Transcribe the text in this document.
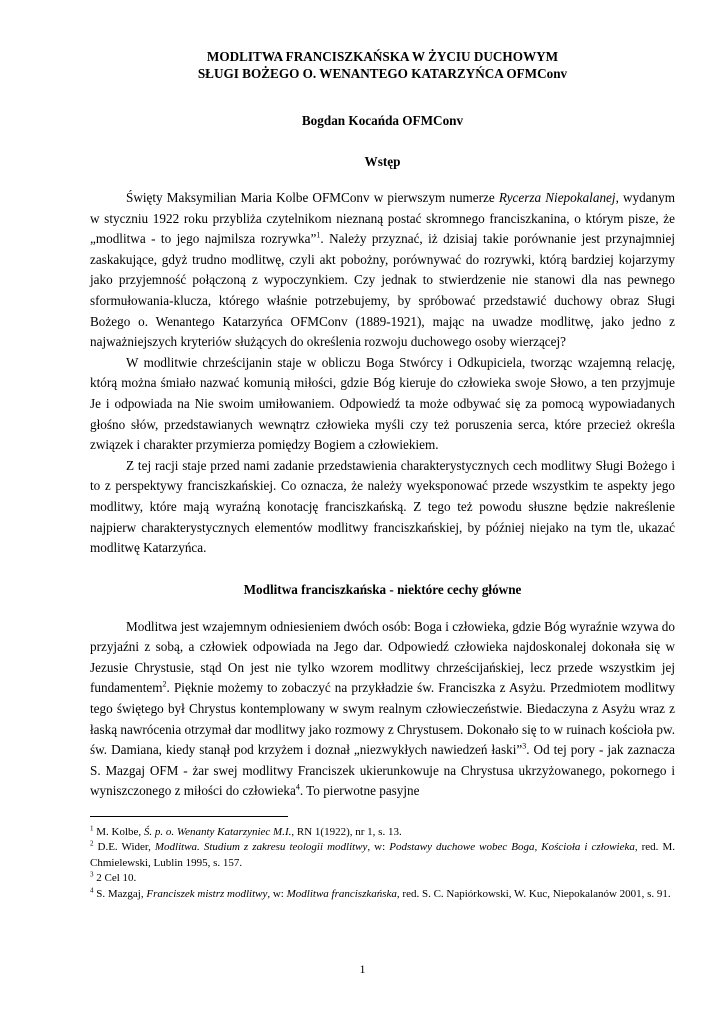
MODLITWA FRANCISZKAŃSKA W ŻYCIU DUCHOWYM
SŁUGI BOŻEGO O. WENANTEGO KATARZYŃCA OFMConv
Bogdan Kocańda OFMConv
Wstęp

Święty Maksymilian Maria Kolbe OFMConv w pierwszym numerze Rycerza Niepokalanej, wydanym w styczniu 1922 roku przybliża czytelnikom nieznaną postać skromnego franciszkanina, o którym pisze, że „modlitwa - to jego najmilsza rozrywka”$^1$. Należy przyznać, iż dzisiaj takie porównanie jest przynajmniej zaskakujące, gdyż trudno modlitwę, czyli akt pobożny, porównywać do rozrywki, którą bardziej kojarzymy jako przyjemność połączoną z wypoczynkiem. Czy jednak to stwierdzenie nie stanowi dla nas pewnego sformułowania-klucza, którego właśnie potrzebujemy, by spróbować przedstawić duchowy obraz Sługi Bożego o. Wenantego Katarzyńca OFMConv (1889-1921), mając na uwadze modlitwę, jako jedno z najważniejszych kryteriów służących do określenia rozwoju duchowego osoby wierzącej?

W modlitwie chrześcijanin staje w obliczu Boga Stwórcy i Odkupiciela, tworząc wzajemną relację, którą można śmiało nazwać komunią miłości, gdzie Bóg kieruje do człowieka swoje Słowo, a ten przyjmuje Je i odpowiada na Nie swoim umiłowaniem. Odpowiedź ta może odbywać się za pomocą wypowiadanych głośno słów, przedstawianych wewnątrz człowieka myśli czy też poruszenia serca, które przecież określa związek i charakter przymierza pomiędzy Bogiem a człowiekiem.

Z tej racji staje przed nami zadanie przedstawienia charakterystycznych cech modlitwy Sługi Bożego i to z perspektywy franciszkańskiej. Co oznacza, że należy wyeksponować przede wszystkim te aspekty jego modlitwy, które mają wyraźną konotację franciszkańską. Z tego też powodu słuszne będzie nakreślenie najpierw charakterystycznych elementów modlitwy franciszkańskiej, by później niejako na tym tle, ukazać modlitwę Katarzyńca.

Modlitwa franciszkańska - niektóre cechy główne

Modlitwa jest wzajemnym odniesieniem dwóch osób: Boga i człowieka, gdzie Bóg wyraźnie wzywa do przyjaźni z sobą, a człowiek odpowiada na Jego dar. Odpowiedź człowieka najdoskonalej dokonała się w Jezusie Chrystusie, stąd On jest nie tylko wzorem modlitwy chrześcijańskiej, lecz przede wszystkim jej fundamentem$^2$. Pięknie możemy to zobaczyć na przykładzie św. Franciszka z Asyżu. Przedmiotem modlitwy tego świętego był Chrystus kontemplowany w swym realnym człowieczeństwie. Biedaczyna z Asyżu wraz z łaską nawrócenia otrzymał dar modlitwy jako rozmowy z Chrystusem. Dokonało się to w ruinach kościoła pw. św. Damiana, kiedy stanął pod krzyżem i doznał „niezwykłych nawiedzeń łaski”$^3$. Od tej pory - jak zaznacza S. Mazgaj OFM - żar swej modlitwy Franciszek ukierunkowuje na Chrystusa ukrzyżowanego, pokornego i wyniszczonego z miłości do człowieka$^4$. To pierwotne pasyjne

$^1$ M. Kolbe, Ś. p. o. Wenanty Katarzyniec M.I., RN 1(1922), nr 1, s. 13.

$^2$ D.E. Wider, Modlitwa. Studium z zakresu teologii modlitwy, w: Podstawy duchowe wobec Boga, Kościoła i człowieka, red. M. Chmielewski, Lublin 1995, s. 157.

$^3$ 2 Cel 10.

$^4$ S. Mazgaj, Franciszek mistrz modlitwy, w: Modlitwa franciszkańska, red. S. C. Napiórkowski, W. Kuc, Niepokalanów 2001, s. 91.

1
